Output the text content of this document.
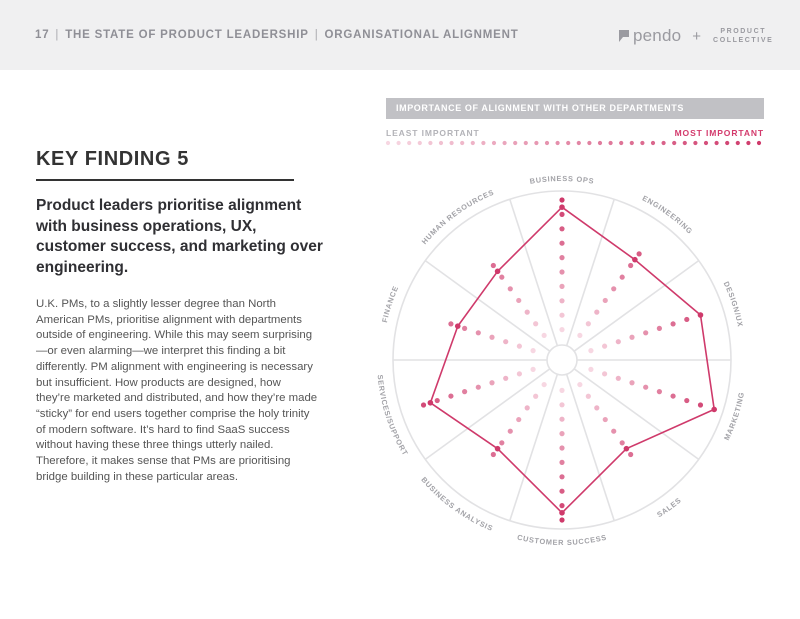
17 | THE STATE OF PRODUCT LEADERSHIP | ORGANISATIONAL ALIGNMENT	pendo +	PRODUCT
COLLECTIVE
KEY FINDING 5
Product leaders prioritise alignment with business operations, UX, customer success, and marketing over engineering.
U.K. PMs, to a slightly lesser degree than North American PMs, prioritise alignment with departments outside of engineering. While this may seem surprising—or even alarming—we interpret this finding a bit differently. PM alignment with engineering is necessary but insufficient. How products are designed, how they’re marketed and distributed, and how they’re made “sticky” for end users together comprise the holy trinity of modern software. It’s hard to find SaaS success without having these three things utterly nailed. Therefore, it makes sense that PMs are prioritising bridge building in these particular areas.
IMPORTANCE OF ALIGNMENT WITH OTHER DEPARTMENTS
LEAST IMPORTANT	MOST IMPORTANT
BUSINESS OPS
ENGINEERING
DESIGN/UX
MARKETING
SALES
CUSTOMER SUCCESS
BUSINESS ANALYSIS
SERVICES/SUPPORT
FINANCE
HUMAN RESOURCES
